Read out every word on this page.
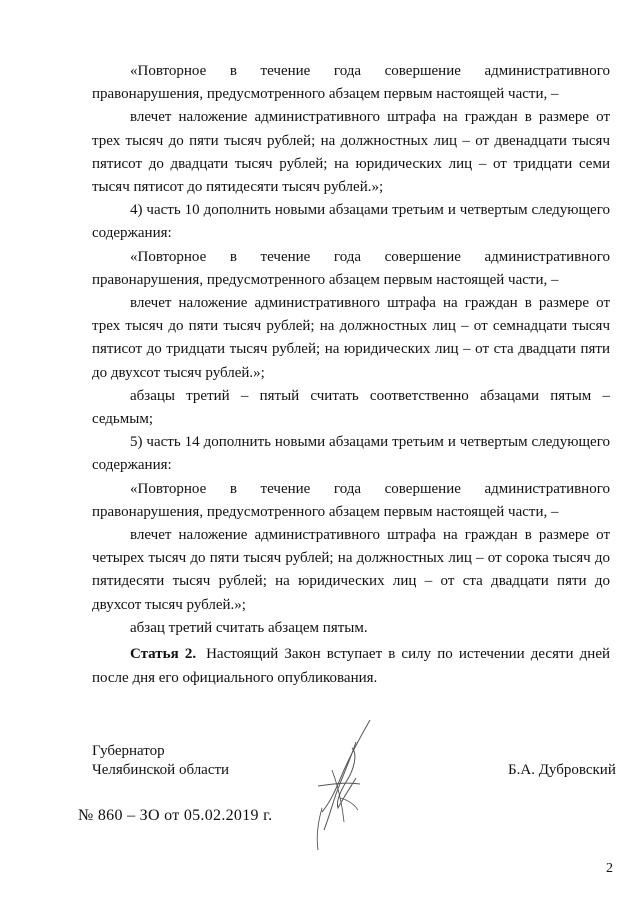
«Повторное в течение года совершение административного правонарушения, предусмотренного абзацем первым настоящей части, –

влечет наложение административного штрафа на граждан в размере от трех тысяч до пяти тысяч рублей; на должностных лиц – от двенадцати тысяч пятисот до двадцати тысяч рублей; на юридических лиц – от тридцати семи тысяч пятисот до пятидесяти тысяч рублей.»;

4) часть 10 дополнить новыми абзацами третьим и четвертым следующего содержания:

«Повторное в течение года совершение административного правонарушения, предусмотренного абзацем первым настоящей части, –

влечет наложение административного штрафа на граждан в размере от трех тысяч до пяти тысяч рублей; на должностных лиц – от семнадцати тысяч пятисот до тридцати тысяч рублей; на юридических лиц – от ста двадцати пяти до двухсот тысяч рублей.»;

абзацы третий – пятый считать соответственно абзацами пятым – седьмым;

5) часть 14 дополнить новыми абзацами третьим и четвертым следующего содержания:

«Повторное в течение года совершение административного правонарушения, предусмотренного абзацем первым настоящей части, –

влечет наложение административного штрафа на граждан в размере от четырех тысяч до пяти тысяч рублей; на должностных лиц – от сорока тысяч до пятидесяти тысяч рублей; на юридических лиц – от ста двадцати пяти до двухсот тысяч рублей.»;

абзац третий считать абзацем пятым.

Статья 2. Настоящий Закон вступает в силу по истечении десяти дней после дня его официального опубликования.

Губернатор
Челябинской области	Б.А. Дубровский
№ 860 – ЗО от 05.02.2019 г.
2
